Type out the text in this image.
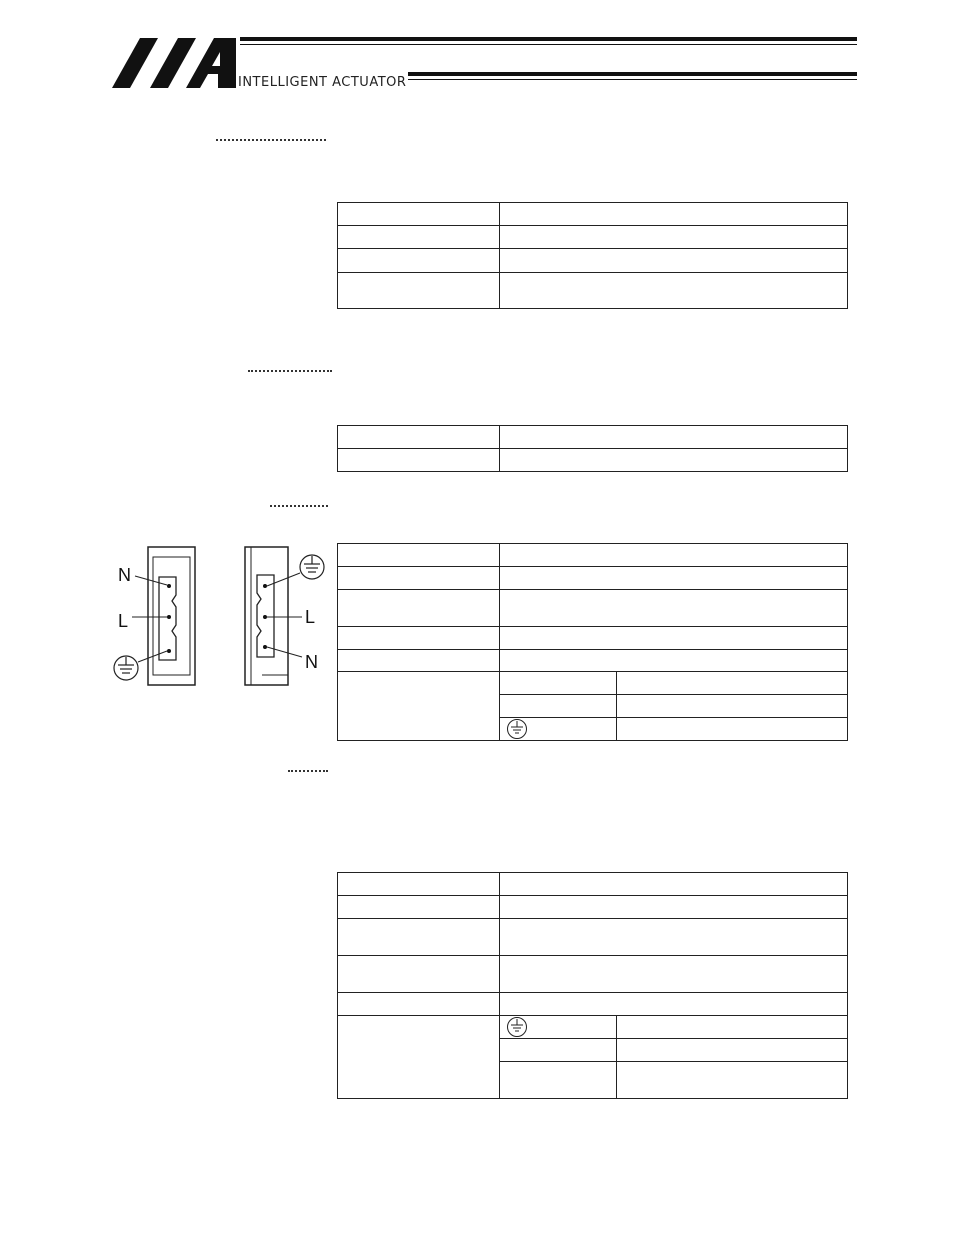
INTELLIGENT ACTUATOR

N
L	L
N
